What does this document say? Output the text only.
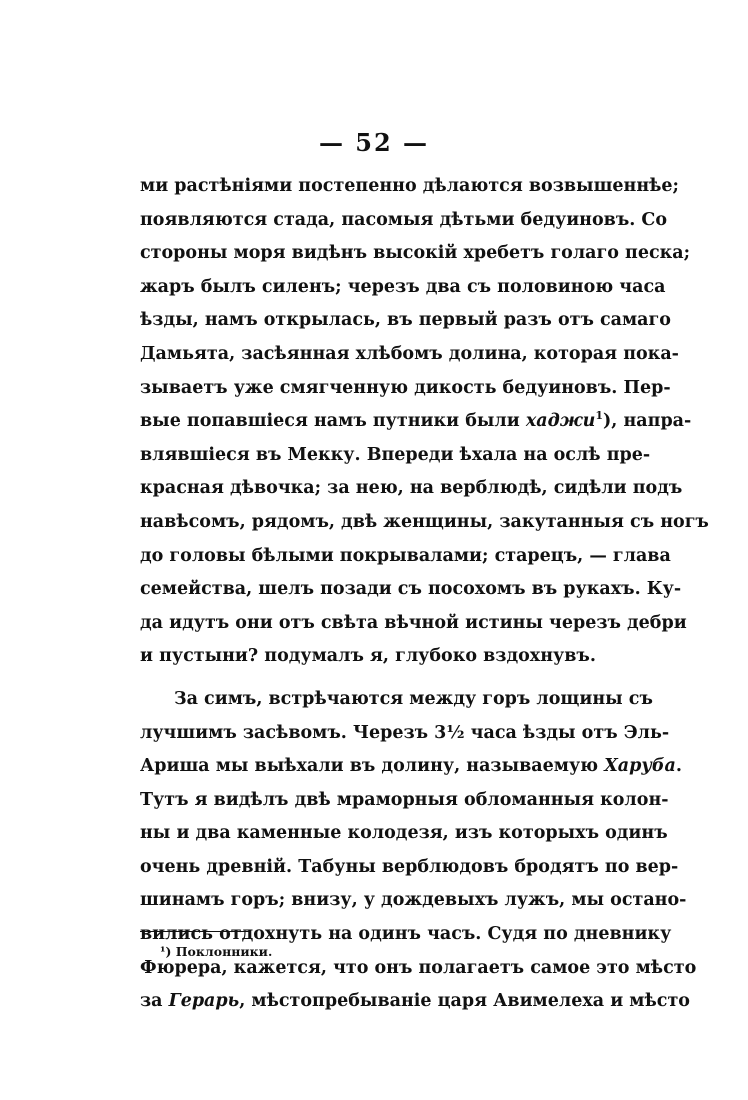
— 52 —
ми растѣніями постепенно дѣлаются возвышеннѣе;
появляются стада, пасомыя дѣтьми бедуиновъ. Со
стороны моря видѣнъ высокій хребетъ голаго песка;
жаръ былъ силенъ; черезъ два съ половиною часа
ѣзды, намъ открылась, въ первый разъ отъ самаго
Дамьята, засѣянная хлѣбомъ долина, которая пока-
зываетъ уже смягченную дикость бедуиновъ. Пер-
вые попавшіеся намъ путники были хаджи$^1$), напра-
влявшіеся въ Мекку. Впереди ѣхала на ослѣ пре-
красная дѣвочка; за нею, на верблюдѣ, сидѣли подъ
навѣсомъ, рядомъ, двѣ женщины, закутанныя съ ногъ
до головы бѣлыми покрывалами; старецъ, — глава
семейства, шелъ позади съ посохомъ въ рукахъ. Ку-
да идутъ они отъ свѣта вѣчной истины черезъ дебри
и пустыни? подумалъ я, глубоко вздохнувъ.
За симъ, встрѣчаются между горъ лощины съ
лучшимъ засѣвомъ. Черезъ 3¹⁄₂ часа ѣзды отъ Эль-
Ариша мы выѣхали въ долину, называемую Харуба.
Тутъ я видѣлъ двѣ мраморныя обломанныя колон-
ны и два каменные колодезя, изъ которыхъ одинъ
очень древній. Табуны верблюдовъ бродятъ по вер-
шинамъ горъ; внизу, у дождевыхъ лужъ, мы остано-
вились отдохнуть на одинъ часъ. Судя по дневнику
Фюрера, кажется, что онъ полагаетъ самое это мѣсто
за Герарь, мѣстопребываніе царя Авимелеха и мѣсто
¹) Поклонники.
